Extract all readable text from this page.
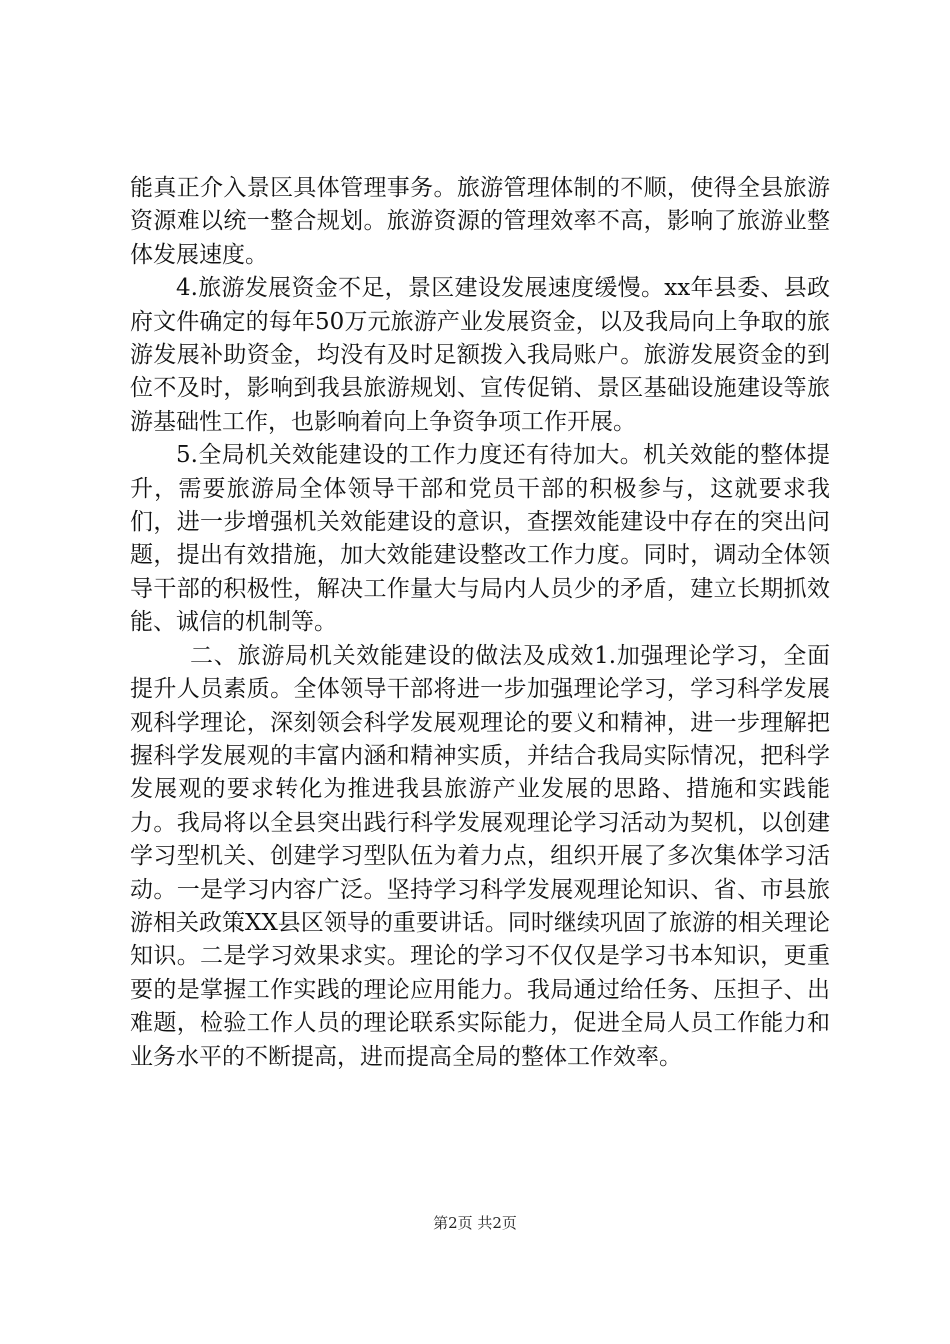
能真正介入景区具体管理事务。旅游管理体制的不顺，使得全县旅游资源难以统一整合规划。旅游资源的管理效率不高，影响了旅游业整体发展速度。

4.旅游发展资金不足，景区建设发展速度缓慢。xx年县委、县政府文件确定的每年50万元旅游产业发展资金，以及我局向上争取的旅游发展补助资金，均没有及时足额拨入我局账户。旅游发展资金的到位不及时，影响到我县旅游规划、宣传促销、景区基础设施建设等旅游基础性工作，也影响着向上争资争项工作开展。

5.全局机关效能建设的工作力度还有待加大。机关效能的整体提升，需要旅游局全体领导干部和党员干部的积极参与，这就要求我们，进一步增强机关效能建设的意识，查摆效能建设中存在的突出问题，提出有效措施，加大效能建设整改工作力度。同时，调动全体领导干部的积极性，解决工作量大与局内人员少的矛盾，建立长期抓效能、诚信的机制等。

二、旅游局机关效能建设的做法及成效1.加强理论学习，全面提升人员素质。全体领导干部将进一步加强理论学习，学习科学发展观科学理论，深刻领会科学发展观理论的要义和精神，进一步理解把握科学发展观的丰富内涵和精神实质，并结合我局实际情况，把科学发展观的要求转化为推进我县旅游产业发展的思路、措施和实践能力。我局将以全县突出践行科学发展观理论学习活动为契机，以创建学习型机关、创建学习型队伍为着力点，组织开展了多次集体学习活动。一是学习内容广泛。坚持学习科学发展观理论知识、省、市县旅游相关政策XX县区领导的重要讲话。同时继续巩固了旅游的相关理论知识。二是学习效果求实。理论的学习不仅仅是学习书本知识，更重要的是掌握工作实践的理论应用能力。我局通过给任务、压担子、出难题，检验工作人员的理论联系实际能力，促进全局人员工作能力和业务水平的不断提高，进而提高全局的整体工作效率。

第2页 共2页
